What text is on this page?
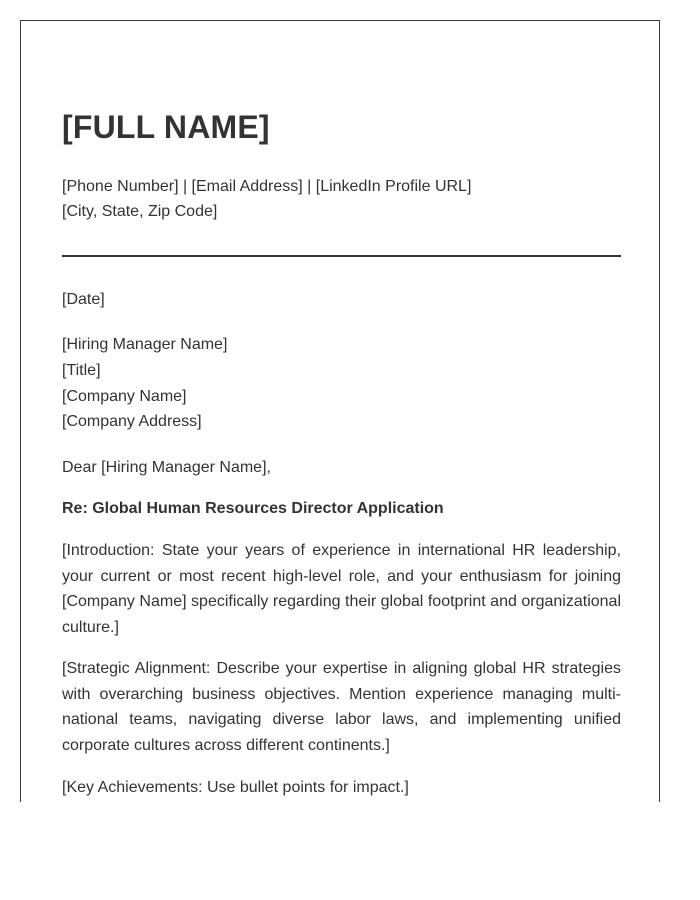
[FULL NAME]
[Phone Number] | [Email Address] | [LinkedIn Profile URL]
[City, State, Zip Code]
[Date]
[Hiring Manager Name]
[Title]
[Company Name]
[Company Address]
Dear [Hiring Manager Name],
Re: Global Human Resources Director Application

[Introduction: State your years of experience in international HR leadership, your current or most recent high-level role, and your enthusiasm for joining [Company Name] specifically regarding their global footprint and organizational culture.]

[Strategic Alignment: Describe your expertise in aligning global HR strategies with overarching business objectives. Mention experience managing multi-national teams, navigating diverse labor laws, and implementing unified corporate cultures across different continents.]

[Key Achievements: Use bullet points for impact.]
